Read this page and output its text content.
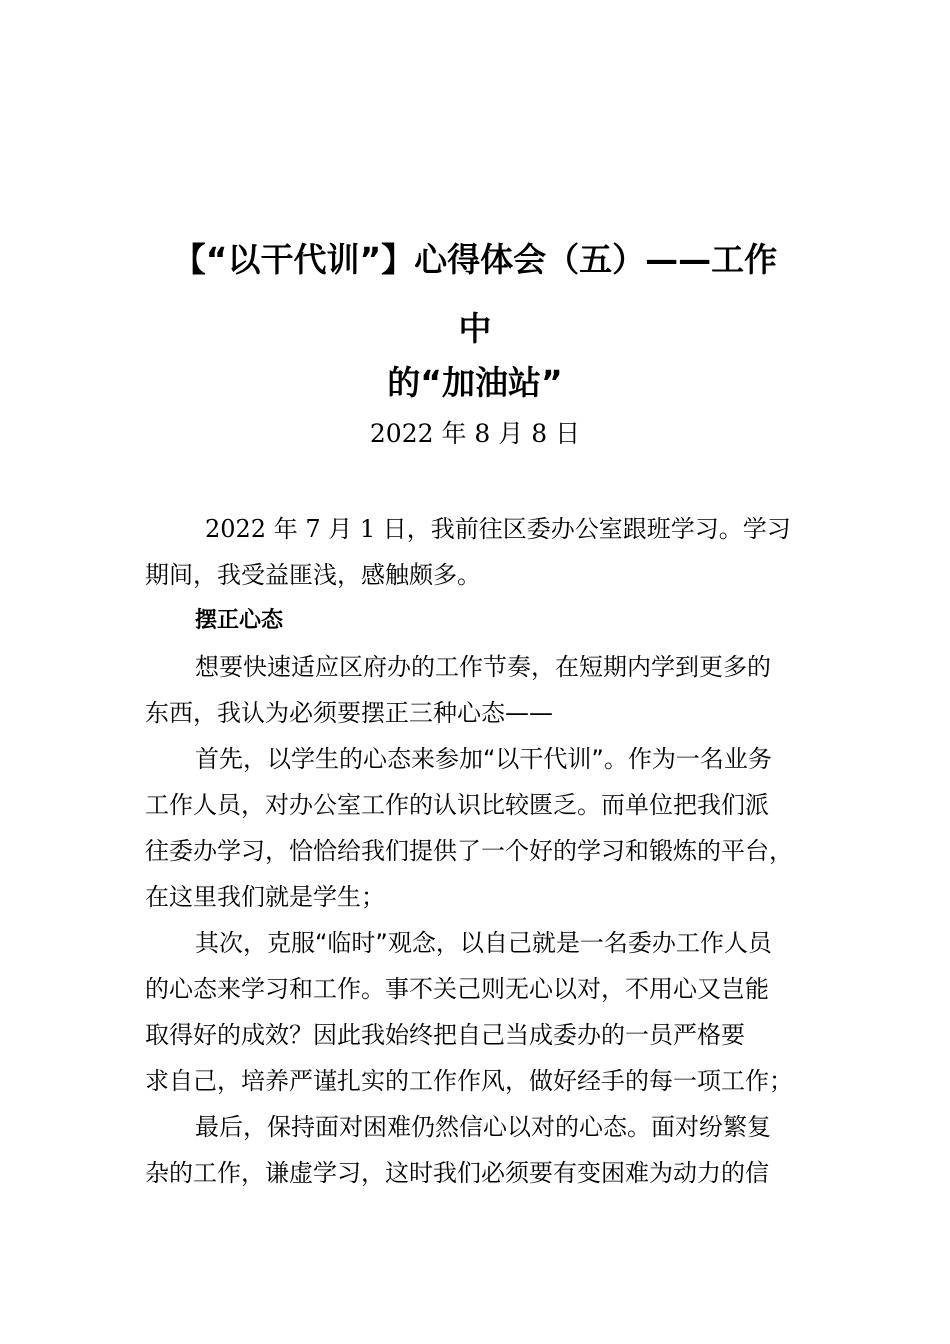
【“以干代训”】心得体会（五）——工作
中
的“加油站”
2022 年 8 月 8 日
2022 年 7 月 1 日，我前往区委办公室跟班学习。学习
期间，我受益匪浅，感触颇多。
摆正心态
想要快速适应区府办的工作节奏，在短期内学到更多的
东西，我认为必须要摆正三种心态——
首先，以学生的心态来参加“以干代训”。作为一名业务
工作人员，对办公室工作的认识比较匮乏。而单位把我们派
往委办学习，恰恰给我们提供了一个好的学习和锻炼的平台，
在这里我们就是学生；
其次，克服“临时”观念，以自己就是一名委办工作人员
的心态来学习和工作。事不关己则无心以对，不用心又岂能
取得好的成效？因此我始终把自己当成委办的一员严格要
求自己，培养严谨扎实的工作作风，做好经手的每一项工作；
最后，保持面对困难仍然信心以对的心态。面对纷繁复
杂的工作，谦虚学习，这时我们必须要有变困难为动力的信
